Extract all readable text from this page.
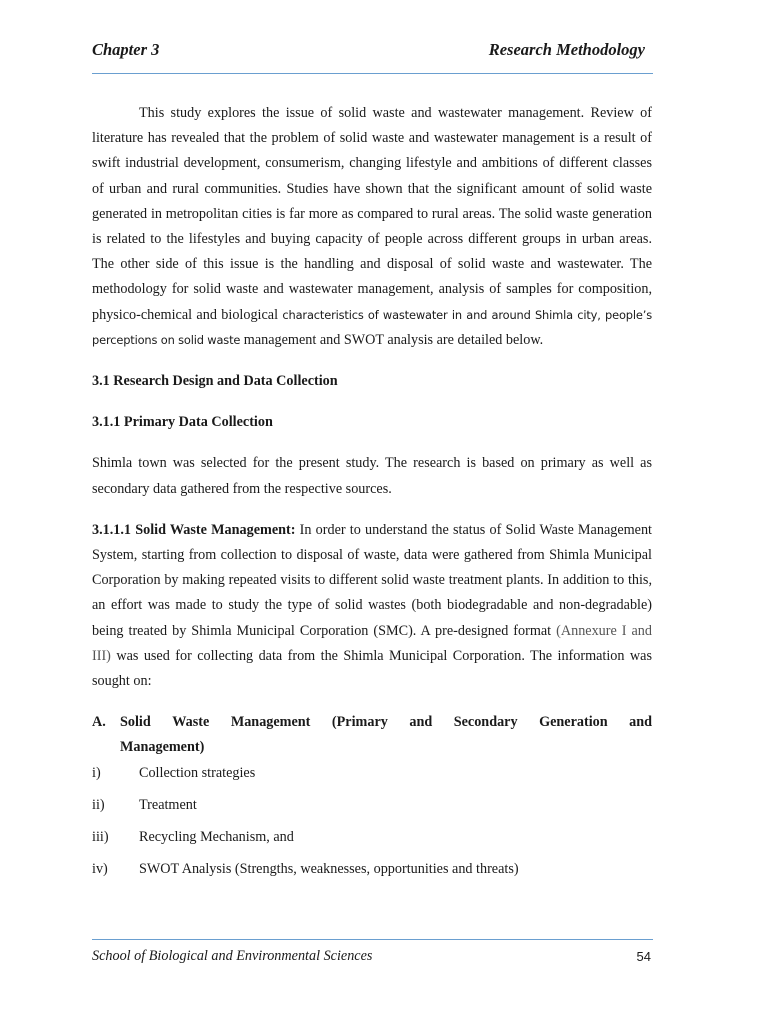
Chapter 3	Research Methodology

This study explores the issue of solid waste and wastewater management. Review of literature has revealed that the problem of solid waste and wastewater management is a result of swift industrial development, consumerism, changing lifestyle and ambitions of different classes of urban and rural communities. Studies have shown that the significant amount of solid waste generated in metropolitan cities is far more as compared to rural areas. The solid waste generation is related to the lifestyles and buying capacity of people across different groups in urban areas. The other side of this issue is the handling and disposal of solid waste and wastewater. The methodology for solid waste and wastewater management, analysis of samples for composition, physico-chemical and biological characteristics of wastewater in and around Shimla city, people’s perceptions on solid waste management and SWOT analysis are detailed below.

3.1 Research Design and Data Collection
3.1.1 Primary Data Collection

Shimla town was selected for the present study. The research is based on primary as well as secondary data gathered from the respective sources.

3.1.1.1 Solid Waste Management: In order to understand the status of Solid Waste Management System, starting from collection to disposal of waste, data were gathered from Shimla Municipal Corporation by making repeated visits to different solid waste treatment plants. In addition to this, an effort was made to study the type of solid wastes (both biodegradable and non-degradable) being treated by Shimla Municipal Corporation (SMC). A pre-designed format (Annexure I and III) was used for collecting data from the Shimla Municipal Corporation. The information was sought on:

A. Solid Waste Management (Primary and Secondary Generation and
Management)
i)	Collection strategies
ii) Treatment
iii) Recycling Mechanism, and
iv) SWOT Analysis (Strengths, weaknesses, opportunities and threats)
School of Biological and Environmental Sciences	54
